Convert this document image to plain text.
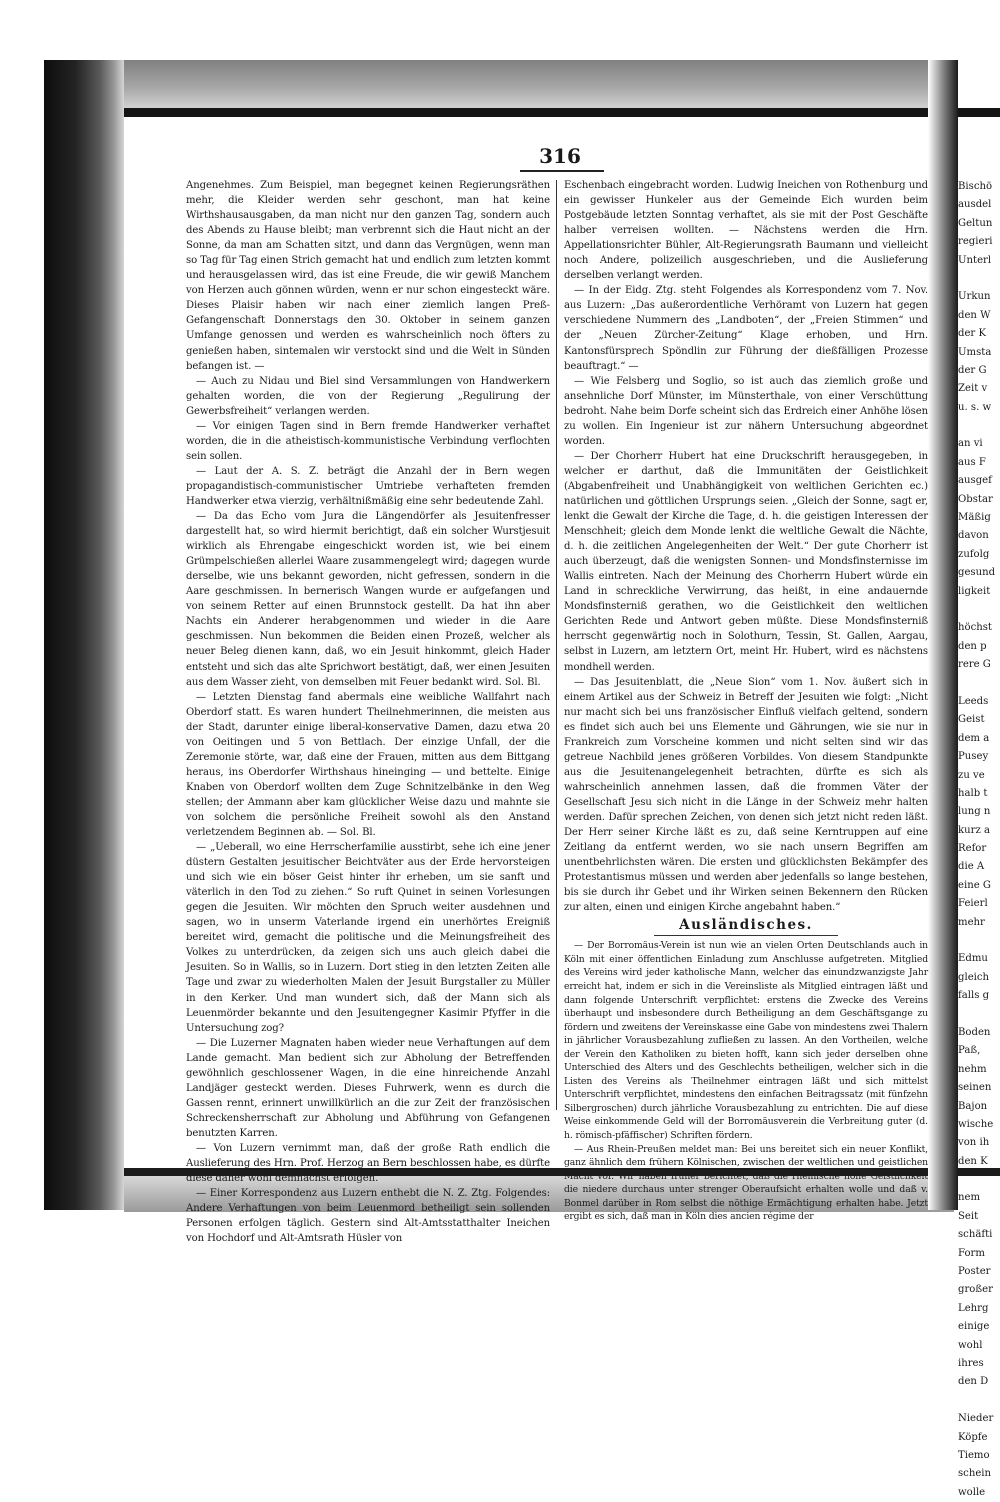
316

Angenehmes. Zum Beispiel, man begegnet keinen Regierungsräthen mehr, die Kleider werden sehr geschont, man hat keine Wirthshausausgaben, da man nicht nur den ganzen Tag, sondern auch des Abends zu Hause bleibt; man verbrennt sich die Haut nicht an der Sonne, da man am Schatten sitzt, und dann das Vergnügen, wenn man so Tag für Tag einen Strich gemacht hat und endlich zum letzten kommt und herausgelassen wird, das ist eine Freude, die wir gewiß Manchem von Herzen auch gönnen würden, wenn er nur schon eingesteckt wäre. Dieses Plaisir haben wir nach einer ziemlich langen Preß-Gefangenschaft Donnerstags den 30. Oktober in seinem ganzen Umfange genossen und werden es wahrscheinlich noch öfters zu genießen haben, sintemalen wir verstockt sind und die Welt in Sünden befangen ist. —

— Auch zu Nidau und Biel sind Versammlungen von Handwerkern gehalten worden, die von der Regierung „Regulirung der Gewerbsfreiheit“ verlangen werden.

— Vor einigen Tagen sind in Bern fremde Handwerker verhaftet worden, die in die atheistisch-kommunistische Verbindung verflochten sein sollen.

— Laut der A. S. Z. beträgt die Anzahl der in Bern wegen propagandistisch-communistischer Umtriebe verhafteten fremden Handwerker etwa vierzig, verhältnißmäßig eine sehr bedeutende Zahl.

— Da das Echo vom Jura die Längendörfer als Jesuitenfresser dargestellt hat, so wird hiermit berichtigt, daß ein solcher Wurstjesuit wirklich als Ehrengabe eingeschickt worden ist, wie bei einem Grümpelschießen allerlei Waare zusammengelegt wird; dagegen wurde derselbe, wie uns bekannt geworden, nicht gefressen, sondern in die Aare geschmissen. In bernerisch Wangen wurde er aufgefangen und von seinem Retter auf einen Brunnstock gestellt. Da hat ihn aber Nachts ein Anderer herabgenommen und wieder in die Aare geschmissen. Nun bekommen die Beiden einen Prozeß, welcher als neuer Beleg dienen kann, daß, wo ein Jesuit hinkommt, gleich Hader entsteht und sich das alte Sprichwort bestätigt, daß, wer einen Jesuiten aus dem Wasser zieht, von demselben mit Feuer bedankt wird. Sol. Bl.

— Letzten Dienstag fand abermals eine weibliche Wallfahrt nach Oberdorf statt. Es waren hundert Theilnehmerinnen, die meisten aus der Stadt, darunter einige liberal-konservative Damen, dazu etwa 20 von Oeitingen und 5 von Bettlach. Der einzige Unfall, der die Zeremonie störte, war, daß eine der Frauen, mitten aus dem Bittgang heraus, ins Oberdorfer Wirthshaus hineinging — und bettelte. Einige Knaben von Oberdorf wollten dem Zuge Schnitzelbänke in den Weg stellen; der Ammann aber kam glücklicher Weise dazu und mahnte sie von solchem die persönliche Freiheit sowohl als den Anstand verletzendem Beginnen ab. — Sol. Bl.

— „Ueberall, wo eine Herrscherfamilie ausstirbt, sehe ich eine jener düstern Gestalten jesuitischer Beichtväter aus der Erde hervorsteigen und sich wie ein böser Geist hinter ihr erheben, um sie sanft und väterlich in den Tod zu ziehen.“ So ruft Quinet in seinen Vorlesungen gegen die Jesuiten. Wir möchten den Spruch weiter ausdehnen und sagen, wo in unserm Vaterlande irgend ein unerhörtes Ereigniß bereitet wird, gemacht die politische und die Meinungsfreiheit des Volkes zu unterdrücken, da zeigen sich uns auch gleich dabei die Jesuiten. So in Wallis, so in Luzern. Dort stieg in den letzten Zeiten alle Tage und zwar zu wiederholten Malen der Jesuit Burgstaller zu Müller in den Kerker. Und man wundert sich, daß der Mann sich als Leuenmörder bekannte und den Jesuitengegner Kasimir Pfyffer in die Untersuchung zog?

— Die Luzerner Magnaten haben wieder neue Verhaftungen auf dem Lande gemacht. Man bedient sich zur Abholung der Betreffenden gewöhnlich geschlossener Wagen, in die eine hinreichende Anzahl Landjäger gesteckt werden. Dieses Fuhrwerk, wenn es durch die Gassen rennt, erinnert unwillkürlich an die zur Zeit der französischen Schreckensherrschaft zur Abholung und Abführung von Gefangenen benutzten Karren.

— Von Luzern vernimmt man, daß der große Rath endlich die Auslieferung des Hrn. Prof. Herzog an Bern beschlossen habe, es dürfte diese daher wohl demnächst erfolgen.

— Einer Korrespondenz aus Luzern enthebt die N. Z. Ztg. Folgendes: Andere Verhaftungen von beim Leuenmord betheiligt sein sollenden Personen erfolgen täglich. Gestern sind Alt-Amtsstatthalter Ineichen von Hochdorf und Alt-Amtsrath Hüsler von

Eschenbach eingebracht worden. Ludwig Ineichen von Rothenburg und ein gewisser Hunkeler aus der Gemeinde Eich wurden beim Postgebäude letzten Sonntag verhaftet, als sie mit der Post Geschäfte halber verreisen wollten. — Nächstens werden die Hrn. Appellationsrichter Bühler, Alt-Regierungsrath Baumann und vielleicht noch Andere, polizeilich ausgeschrieben, und die Auslieferung derselben verlangt werden.

— In der Eidg. Ztg. steht Folgendes als Korrespondenz vom 7. Nov. aus Luzern: „Das außerordentliche Verhöramt von Luzern hat gegen verschiedene Nummern des „Landboten“, der „Freien Stimmen“ und der „Neuen Zürcher-Zeitung“ Klage erhoben, und Hrn. Kantonsfürsprech Spöndlin zur Führung der dießfälligen Prozesse beauftragt.“ —

— Wie Felsberg und Soglio, so ist auch das ziemlich große und ansehnliche Dorf Münster, im Münsterthale, von einer Verschüttung bedroht. Nahe beim Dorfe scheint sich das Erdreich einer Anhöhe lösen zu wollen. Ein Ingenieur ist zur nähern Untersuchung abgeordnet worden.

— Der Chorherr Hubert hat eine Druckschrift herausgegeben, in welcher er darthut, daß die Immunitäten der Geistlichkeit (Abgabenfreiheit und Unabhängigkeit von weltlichen Gerichten ec.) natürlichen und göttlichen Ursprungs seien. „Gleich der Sonne, sagt er, lenkt die Gewalt der Kirche die Tage, d. h. die geistigen Interessen der Menschheit; gleich dem Monde lenkt die weltliche Gewalt die Nächte, d. h. die zeitlichen Angelegenheiten der Welt.“ Der gute Chorherr ist auch überzeugt, daß die wenigsten Sonnen- und Mondsfinsternisse im Wallis eintreten. Nach der Meinung des Chorherrn Hubert würde ein Land in schreckliche Verwirrung, das heißt, in eine andauernde Mondsfinsterniß gerathen, wo die Geistlichkeit den weltlichen Gerichten Rede und Antwort geben müßte. Diese Mondsfinsterniß herrscht gegenwärtig noch in Solothurn, Tessin, St. Gallen, Aargau, selbst in Luzern, am letztern Ort, meint Hr. Hubert, wird es nächstens mondhell werden.

— Das Jesuitenblatt, die „Neue Sion“ vom 1. Nov. äußert sich in einem Artikel aus der Schweiz in Betreff der Jesuiten wie folgt: „Nicht nur macht sich bei uns französischer Einfluß vielfach geltend, sondern es findet sich auch bei uns Elemente und Gährungen, wie sie nur in Frankreich zum Vorscheine kommen und nicht selten sind wir das getreue Nachbild jenes größeren Vorbildes. Von diesem Standpunkte aus die Jesuitenangelegenheit betrachten, dürfte es sich als wahrscheinlich annehmen lassen, daß die frommen Väter der Gesellschaft Jesu sich nicht in die Länge in der Schweiz mehr halten werden. Dafür sprechen Zeichen, von denen sich jetzt nicht reden läßt. Der Herr seiner Kirche läßt es zu, daß seine Kerntruppen auf eine Zeitlang da entfernt werden, wo sie nach unsern Begriffen am unentbehrlichsten wären. Die ersten und glücklichsten Bekämpfer des Protestantismus müssen und werden aber jedenfalls so lange bestehen, bis sie durch ihr Gebet und ihr Wirken seinen Bekennern den Rücken zur alten, einen und einigen Kirche angebahnt haben.“

Ausländisches.

— Der Borromäus-Verein ist nun wie an vielen Orten Deutschlands auch in Köln mit einer öffentlichen Einladung zum Anschlusse aufgetreten. Mitglied des Vereins wird jeder katholische Mann, welcher das einundzwanzigste Jahr erreicht hat, indem er sich in die Vereinsliste als Mitglied eintragen läßt und dann folgende Unterschrift verpflichtet: erstens die Zwecke des Vereins überhaupt und insbesondere durch Betheiligung an dem Geschäftsgange zu fördern und zweitens der Vereinskasse eine Gabe von mindestens zwei Thalern in jährlicher Vorausbezahlung zufließen zu lassen. An den Vortheilen, welche der Verein den Katholiken zu bieten hofft, kann sich jeder derselben ohne Unterschied des Alters und des Geschlechts betheiligen, welcher sich in die Listen des Vereins als Theilnehmer eintragen läßt und sich mittelst Unterschrift verpflichtet, mindestens den einfachen Beitragssatz (mit fünfzehn Silbergroschen) durch jährliche Vorausbezahlung zu entrichten. Die auf diese Weise einkommende Geld will der Borromäusverein die Verbreitung guter (d. h. römisch-pfäffischer) Schriften fördern.

— Aus Rhein-Preußen meldet man: Bei uns bereitet sich ein neuer Konflikt, ganz ähnlich dem frühern Kölnischen, zwischen der weltlichen und geistlichen Macht vor. Wir haben früher berichtet, daß die rheinische hohe Geistlichkeit die niedere durchaus unter strenger Oberaufsicht erhalten wolle und daß v. Bonmel darüber in Rom selbst die nöthige Ermächtigung erhalten habe. Jetzt ergibt es sich, daß man in Köln dies ancien régime der

Bischö
ausdel
Geltun
regieri
Unterl
Urkun
den W
der K
Umsta
der G
Zeit v
u. s. w
an vi
aus F
ausgef
Obstar
Mäßig
davon
zufolg
gesund
ligkeit
höchst
den p
rere G
Leeds
Geist
dem a
Pusey
zu ve
halb t
lung n
kurz a
Refor
die A
eine G
Feierl
mehr
Edmu
gleich
falls g
Boden
Paß,
nehm
seinen
Bajon
wische
von ih
den K
nem
Seit
schäfti
Form
Poster
großer
Lehrg
einige
wohl
ihres
den D
Nieder
Köpfe
Tiemo
schein
wolle
